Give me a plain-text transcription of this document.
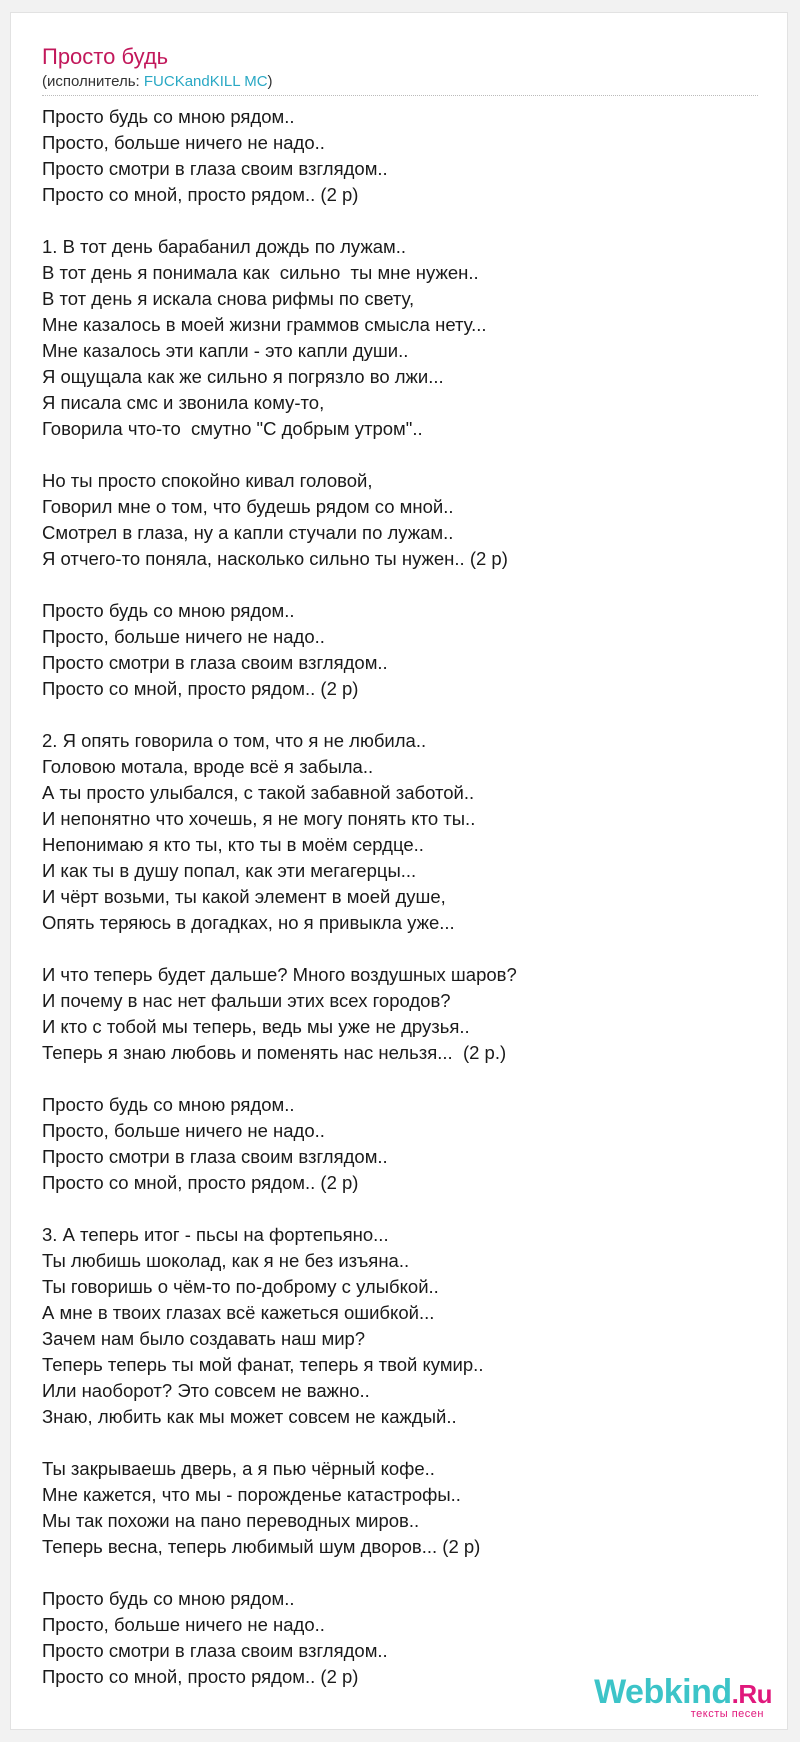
Просто будь
(исполнитель: FUCKandKILL MC)
Просто будь со мною рядом..
Просто, больше ничего не надо..
Просто смотри в глаза своим взглядом..
Просто со мной, просто рядом.. (2 р)
1. В тот день барабанил дождь по лужам..
В тот день я понимала как  сильно  ты мне нужен..
В тот день я искала снова рифмы по свету,
Мне казалось в моей жизни граммов смысла нету...
Мне казалось эти капли - это капли души..
Я ощущала как же сильно я погрязло во лжи...
Я писала смс и звонила кому-то,
Говорила что-то  смутно "С добрым утром"..
Но ты просто спокойно кивал головой,
Говорил мне о том, что будешь рядом со мной..
Смотрел в глаза, ну а капли стучали по лужам..
Я отчего-то поняла, насколько сильно ты нужен.. (2 р)
Просто будь со мною рядом..
Просто, больше ничего не надо..
Просто смотри в глаза своим взглядом..
Просто со мной, просто рядом.. (2 р)
2. Я опять говорила о том, что я не любила..
Головою мотала, вроде всё я забыла..
А ты просто улыбался, с такой забавной заботой..
И непонятно что хочешь, я не могу понять кто ты..
Непонимаю я кто ты, кто ты в моём сердце..
И как ты в душу попал, как эти мегагерцы...
И чёрт возьми, ты какой элемент в моей душе,
Опять теряюсь в догадках, но я привыкла уже...
И что теперь будет дальше? Много воздушных шаров?
И почему в нас нет фальши этих всех городов?
И кто с тобой мы теперь, ведь мы уже не друзья..
Теперь я знаю любовь и поменять нас нельзя...  (2 р.)
Просто будь со мною рядом..
Просто, больше ничего не надо..
Просто смотри в глаза своим взглядом..
Просто со мной, просто рядом.. (2 р)
3. А теперь итог - пьсы на фортепьяно...
Ты любишь шоколад, как я не без изъяна..
Ты говоришь о чём-то по-доброму с улыбкой..
А мне в твоих глазах всё кажеться ошибкой...
Зачем нам было создавать наш мир?
Теперь теперь ты мой фанат, теперь я твой кумир..
Или наоборот? Это совсем не важно..
Знаю, любить как мы может совсем не каждый..
Ты закрываешь дверь, а я пью чёрный кофе..
Мне кажется, что мы - порожденье катастрофы..
Мы так похожи на пано переводных миров..
Теперь весна, теперь любимый шум дворов... (2 р)
Просто будь со мною рядом..
Просто, больше ничего не надо..
Просто смотри в глаза своим взглядом..
Просто со мной, просто рядом.. (2 р)	Webkind.Ru
тексты песен
